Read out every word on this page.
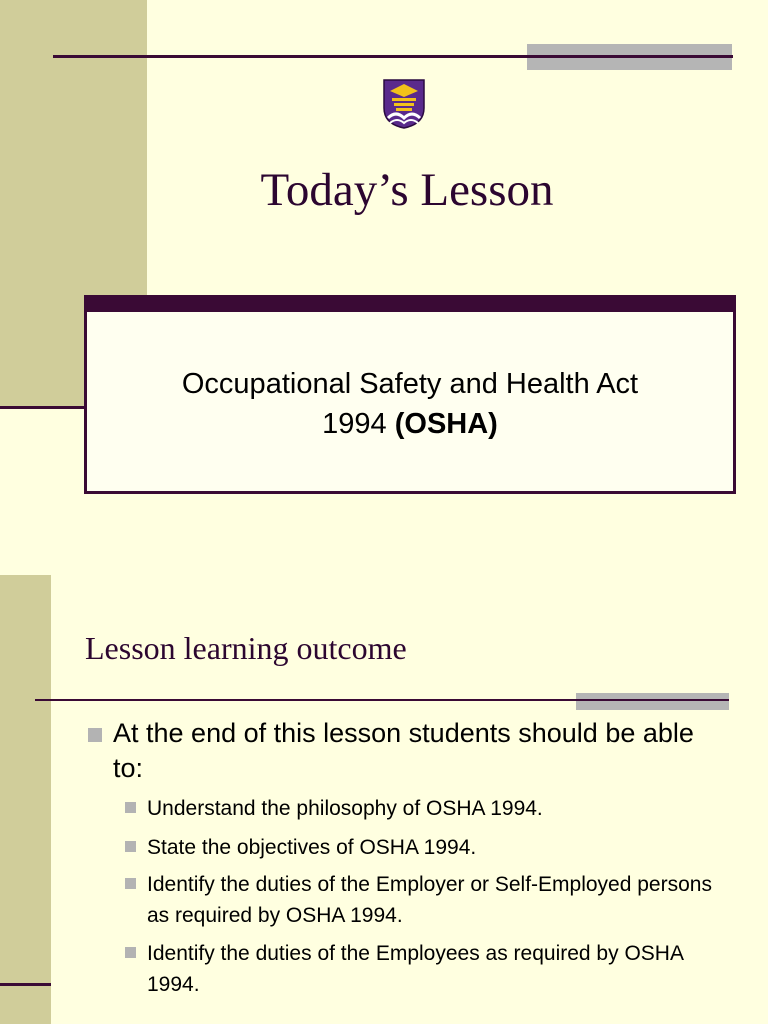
Today’s Lesson
Occupational Safety and Health Act
1994 (OSHA)
Lesson learning outcome
At the end of this lesson students should be able to:
Understand the philosophy of OSHA 1994.
State the objectives of OSHA 1994.
Identify the duties of the Employer or Self-Employed persons as required by OSHA 1994.
Identify the duties of the Employees as required by OSHA 1994.
